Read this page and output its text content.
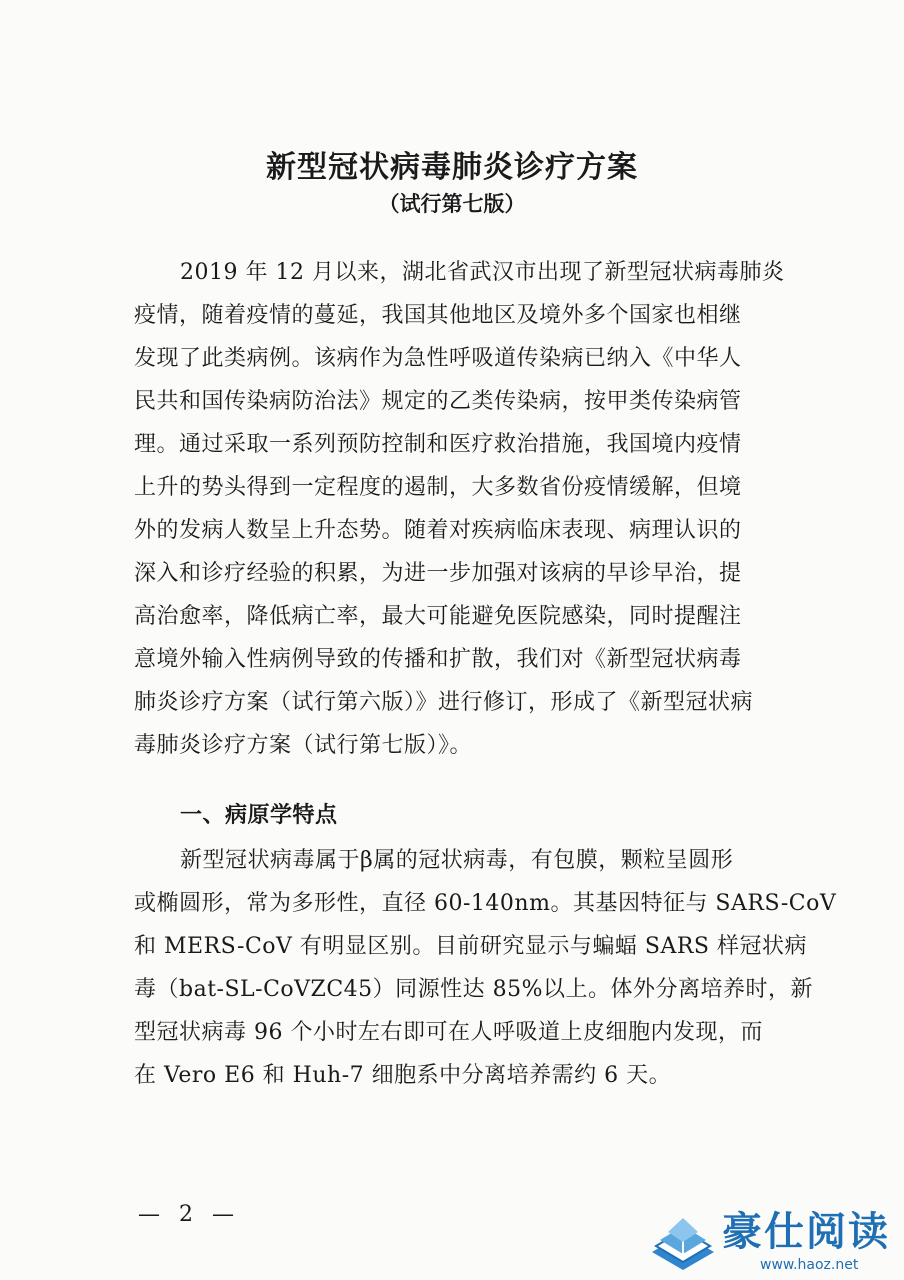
新型冠状病毒肺炎诊疗方案
（试行第七版）
2019 年 12 月以来，湖北省武汉市出现了新型冠状病毒肺炎
疫情，随着疫情的蔓延，我国其他地区及境外多个国家也相继
发现了此类病例。该病作为急性呼吸道传染病已纳入《中华人
民共和国传染病防治法》规定的乙类传染病，按甲类传染病管
理。通过采取一系列预防控制和医疗救治措施，我国境内疫情
上升的势头得到一定程度的遏制，大多数省份疫情缓解，但境
外的发病人数呈上升态势。随着对疾病临床表现、病理认识的
深入和诊疗经验的积累，为进一步加强对该病的早诊早治，提
高治愈率，降低病亡率，最大可能避免医院感染，同时提醒注
意境外输入性病例导致的传播和扩散，我们对《新型冠状病毒
肺炎诊疗方案（试行第六版）》进行修订，形成了《新型冠状病
毒肺炎诊疗方案（试行第七版）》。
一、病原学特点
新型冠状病毒属于β属的冠状病毒，有包膜，颗粒呈圆形
或椭圆形，常为多形性，直径 60-140nm。其基因特征与 SARS-CoV
和 MERS-CoV 有明显区别。目前研究显示与蝙蝠 SARS 样冠状病
毒（bat-SL-CoVZC45）同源性达 85%以上。体外分离培养时，新
型冠状病毒 96 个小时左右即可在人呼吸道上皮细胞内发现，而
在 Vero E6 和 Huh-7 细胞系中分离培养需约 6 天。
— 2 —	豪仕阅读
www.haoz.net
